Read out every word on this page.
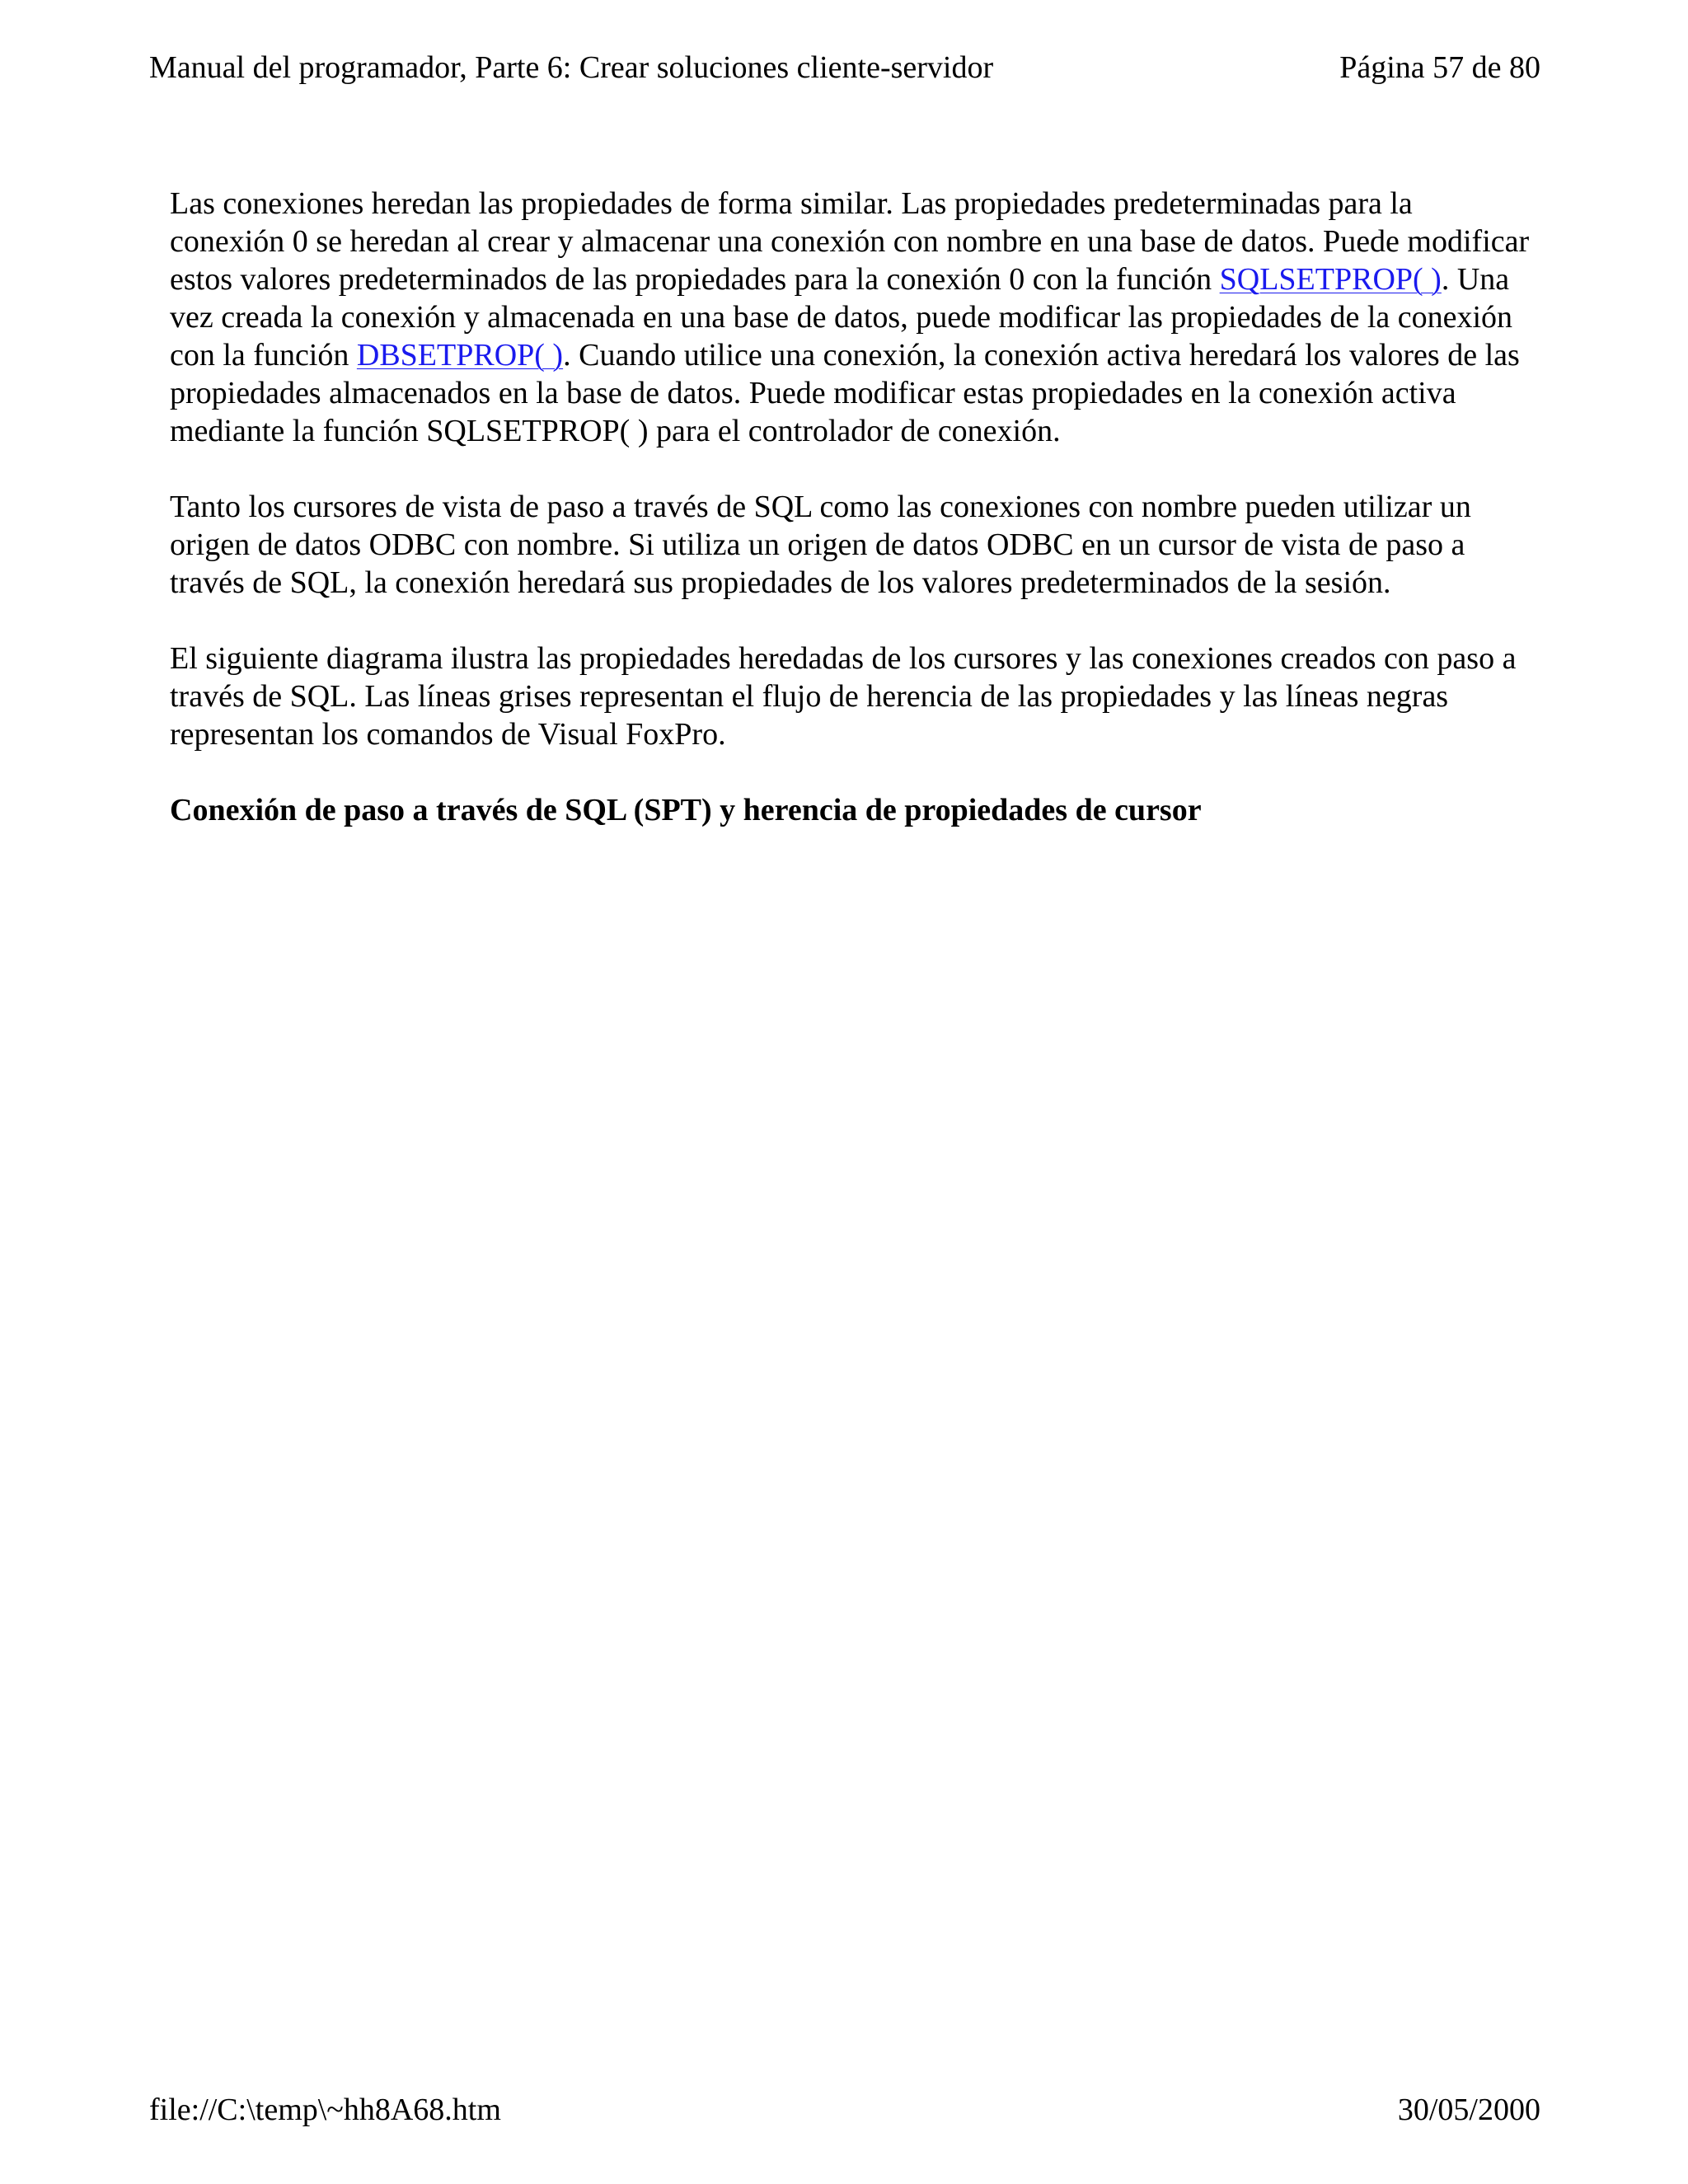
Manual del programador, Parte 6: Crear soluciones cliente-servidor	Página 57 de 80

Las conexiones heredan las propiedades de forma similar. Las propiedades predeterminadas para la conexión 0 se heredan al crear y almacenar una conexión con nombre en una base de datos. Puede modificar estos valores predeterminados de las propiedades para la conexión 0 con la función SQLSETPROP( ). Una vez creada la conexión y almacenada en una base de datos, puede modificar las propiedades de la conexión con la función DBSETPROP( ). Cuando utilice una conexión, la conexión activa heredará los valores de las propiedades almacenados en la base de datos. Puede modificar estas propiedades en la conexión activa mediante la función SQLSETPROP( ) para el controlador de conexión.

Tanto los cursores de vista de paso a través de SQL como las conexiones con nombre pueden utilizar un origen de datos ODBC con nombre. Si utiliza un origen de datos ODBC en un cursor de vista de paso a través de SQL, la conexión heredará sus propiedades de los valores predeterminados de la sesión.

El siguiente diagrama ilustra las propiedades heredadas de los cursores y las conexiones creados con paso a través de SQL. Las líneas grises representan el flujo de herencia de las propiedades y las líneas negras representan los comandos de Visual FoxPro.

Conexión de paso a través de SQL (SPT) y herencia de propiedades de cursor

file://C:\temp\~hh8A68.htm	30/05/2000
